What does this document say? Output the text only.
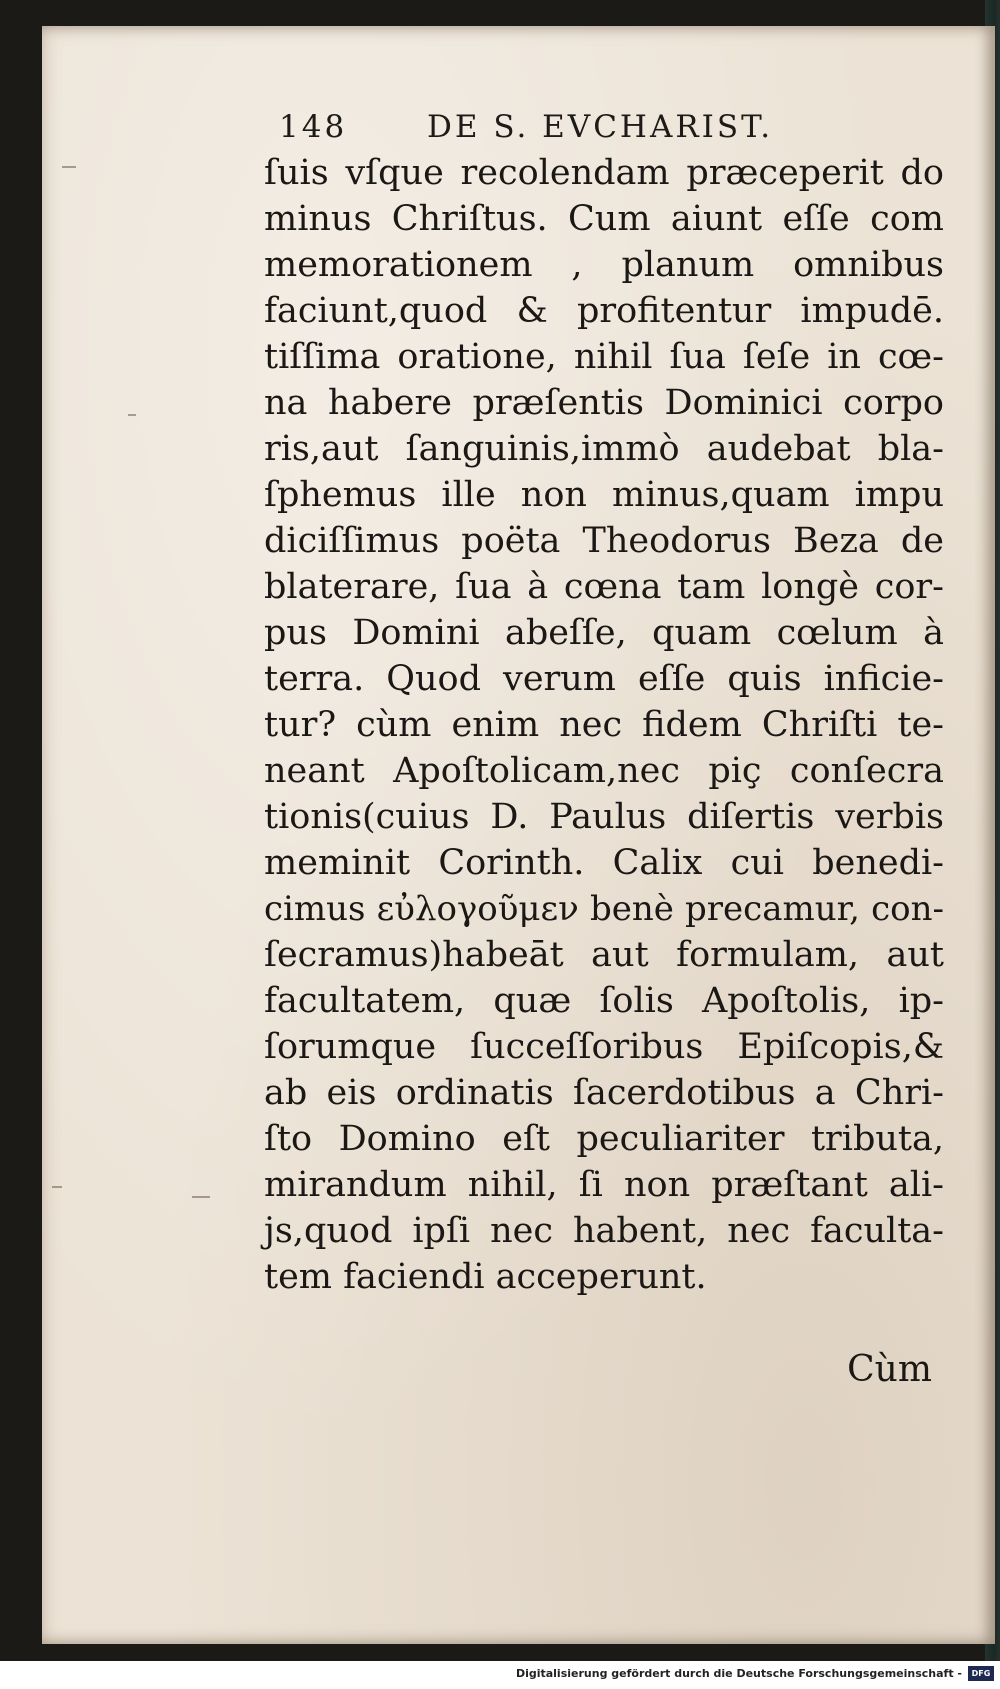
148	DE S. EVCHARIST.
ſuis vſque recolendam præceperit do
minus Chriſtus. Cum aiunt eſſe com
memorationem , planum omnibus
faciunt,quod & profitentur impudē.
tiſſima oratione, nihil ſua ſeſe in cœ-
na habere præſentis Dominici corpo
ris,aut ſanguinis,immò audebat bla-
ſphemus ille non minus,quam impu
diciſſimus poëta Theodorus Beza de
blaterare, ſua à cœna tam longè cor-
pus Domini abeſſe, quam cœlum à
terra. Quod verum eſſe quis inficie-
tur? cùm enim nec fidem Chriſti te-
neant Apoſtolicam,nec piç conſecra
tionis(cuius D. Paulus diſertis verbis
meminit Corinth. Calix cui benedi-
cimus εὐλογοῦμεν benè precamur, con-
ſecramus)habeāt aut formulam, aut
facultatem, quæ ſolis Apoſtolis, ip-
ſorumque ſucceſſoribus Epiſcopis,&
ab eis ordinatis ſacerdotibus a Chri-
ſto Domino eſt peculiariter tributa,
mirandum nihil, ſi non præſtant ali-
js,quod ipſi nec habent, nec faculta-
tem faciendi acceperunt.
Cùm
Digitalisierung gefördert durch die Deutsche Forschungsgemeinschaft -	DFG
